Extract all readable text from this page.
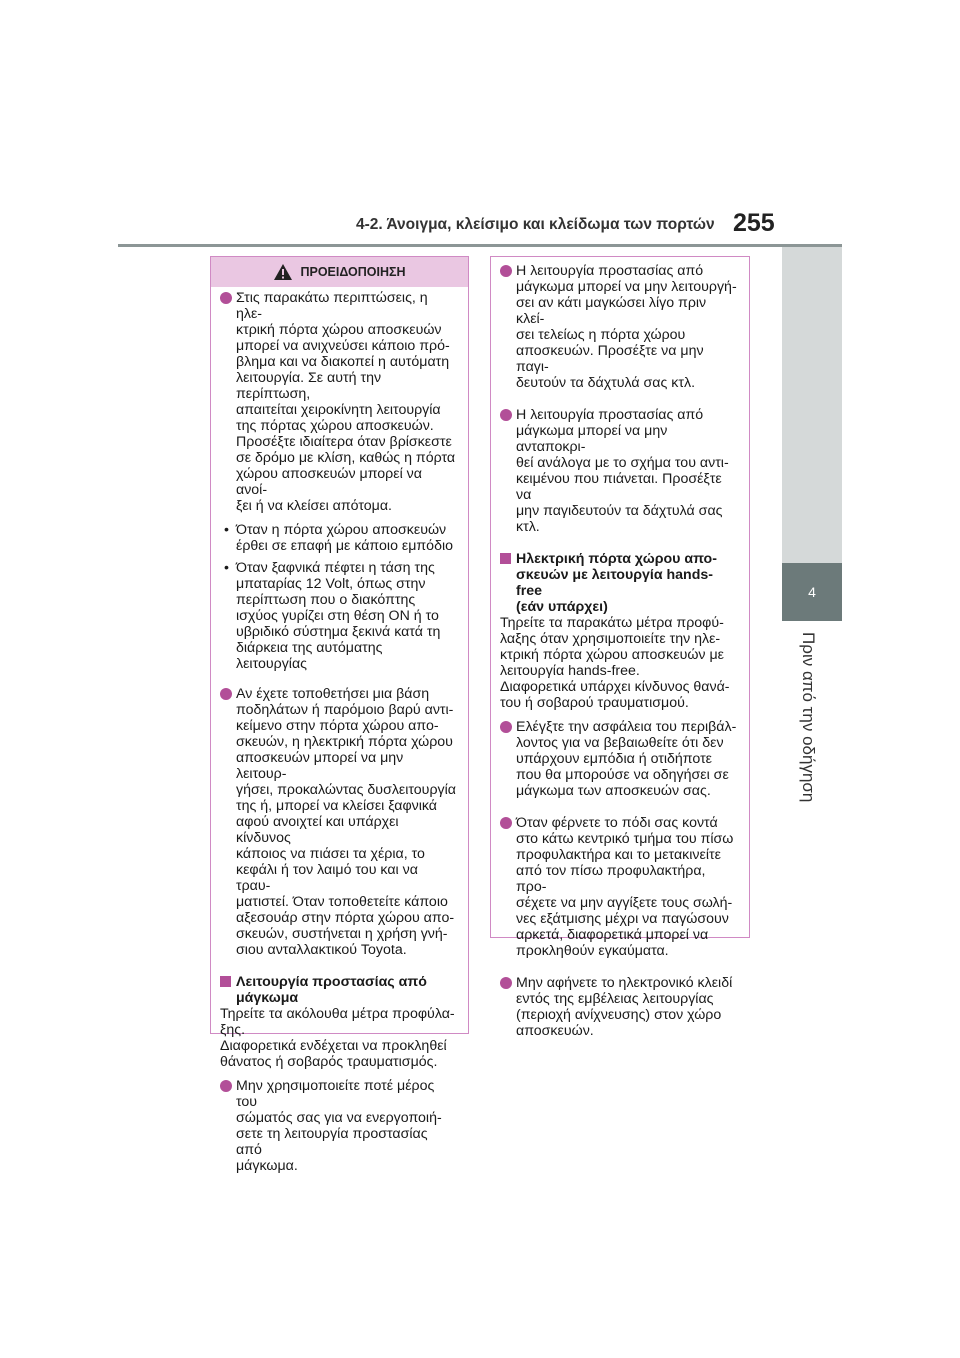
4-2. Άνοιγμα, κλείσιμο και κλείδωμα των πορτών 255
4
Πριν από την οδήγηση
ΠΡΟΕΙΔΟΠΟΙΗΣΗ
Στις παρακάτω περιπτώσεις, η ηλε-
κτρική πόρτα χώρου αποσκευών
μπορεί να ανιχνεύσει κάποιο πρό-
βλημα και να διακοπεί η αυτόματη
λειτουργία. Σε αυτή την περίπτωση,
απαιτείται χειροκίνητη λειτουργία
της πόρτας χώρου αποσκευών.
Προσέξτε ιδιαίτερα όταν βρίσκεστε
σε δρόμο με κλίση, καθώς η πόρτα
χώρου αποσκευών μπορεί να ανοί-
ξει ή να κλείσει απότομα.
• Όταν η πόρτα χώρου αποσκευών
έρθει σε επαφή με κάποιο εμπόδιο
• Όταν ξαφνικά πέφτει η τάση της
μπαταρίας 12 Volt, όπως στην
περίπτωση που ο διακόπτης
ισχύος γυρίζει στη θέση ON ή το
υβριδικό σύστημα ξεκινά κατά τη
διάρκεια της αυτόματης λειτουργίας
Αν έχετε τοποθετήσει μια βάση
ποδηλάτων ή παρόμοιο βαρύ αντι-
κείμενο στην πόρτα χώρου απο-
σκευών, η ηλεκτρική πόρτα χώρου
αποσκευών μπορεί να μην λειτουρ-
γήσει, προκαλώντας δυσλειτουργία
της ή, μπορεί να κλείσει ξαφνικά
αφού ανοιχτεί και υπάρχει κίνδυνος
κάποιος να πιάσει τα χέρια, το
κεφάλι ή τον λαιμό του και να τραυ-
ματιστεί. Όταν τοποθετείτε κάποιο
αξεσουάρ στην πόρτα χώρου απο-
σκευών, συστήνεται η χρήση γνή-
σιου ανταλλακτικού Toyota.
Λειτουργία προστασίας από
μάγκωμα
Τηρείτε τα ακόλουθα μέτρα προφύλα-
ξης.
Διαφορετικά ενδέχεται να προκληθεί
θάνατος ή σοβαρός τραυματισμός.
Μην χρησιμοποιείτε ποτέ μέρος του
σώματός σας για να ενεργοποιή-
σετε τη λειτουργία προστασίας από
μάγκωμα.
Η λειτουργία προστασίας από
μάγκωμα μπορεί να μην λειτουργή-
σει αν κάτι μαγκώσει λίγο πριν κλεί-
σει τελείως η πόρτα χώρου
αποσκευών. Προσέξτε να μην παγι-
δευτούν τα δάχτυλά σας κτλ.
Η λειτουργία προστασίας από
μάγκωμα μπορεί να μην ανταποκρι-
θεί ανάλογα με το σχήμα του αντι-
κειμένου που πιάνεται. Προσέξτε να
μην παγιδευτούν τα δάχτυλά σας
κτλ.
Ηλεκτρική πόρτα χώρου απο-
σκευών με λειτουργία hands-free
(εάν υπάρχει)
Τηρείτε τα παρακάτω μέτρα προφύ-
λαξης όταν χρησιμοποιείτε την ηλε-
κτρική πόρτα χώρου αποσκευών με
λειτουργία hands-free.
Διαφορετικά υπάρχει κίνδυνος θανά-
του ή σοβαρού τραυματισμού.
Ελέγξτε την ασφάλεια του περιβάλ-
λοντος για να βεβαιωθείτε ότι δεν
υπάρχουν εμπόδια ή οτιδήποτε
που θα μπορούσε να οδηγήσει σε
μάγκωμα των αποσκευών σας.
Όταν φέρνετε το πόδι σας κοντά
στο κάτω κεντρικό τμήμα του πίσω
προφυλακτήρα και το μετακινείτε
από τον πίσω προφυλακτήρα, προ-
σέχετε να μην αγγίξετε τους σωλή-
νες εξάτμισης μέχρι να παγώσουν
αρκετά, διαφορετικά μπορεί να
προκληθούν εγκαύματα.
Μην αφήνετε το ηλεκτρονικό κλειδί
εντός της εμβέλειας λειτουργίας
(περιοχή ανίχνευσης) στον χώρο
αποσκευών.
